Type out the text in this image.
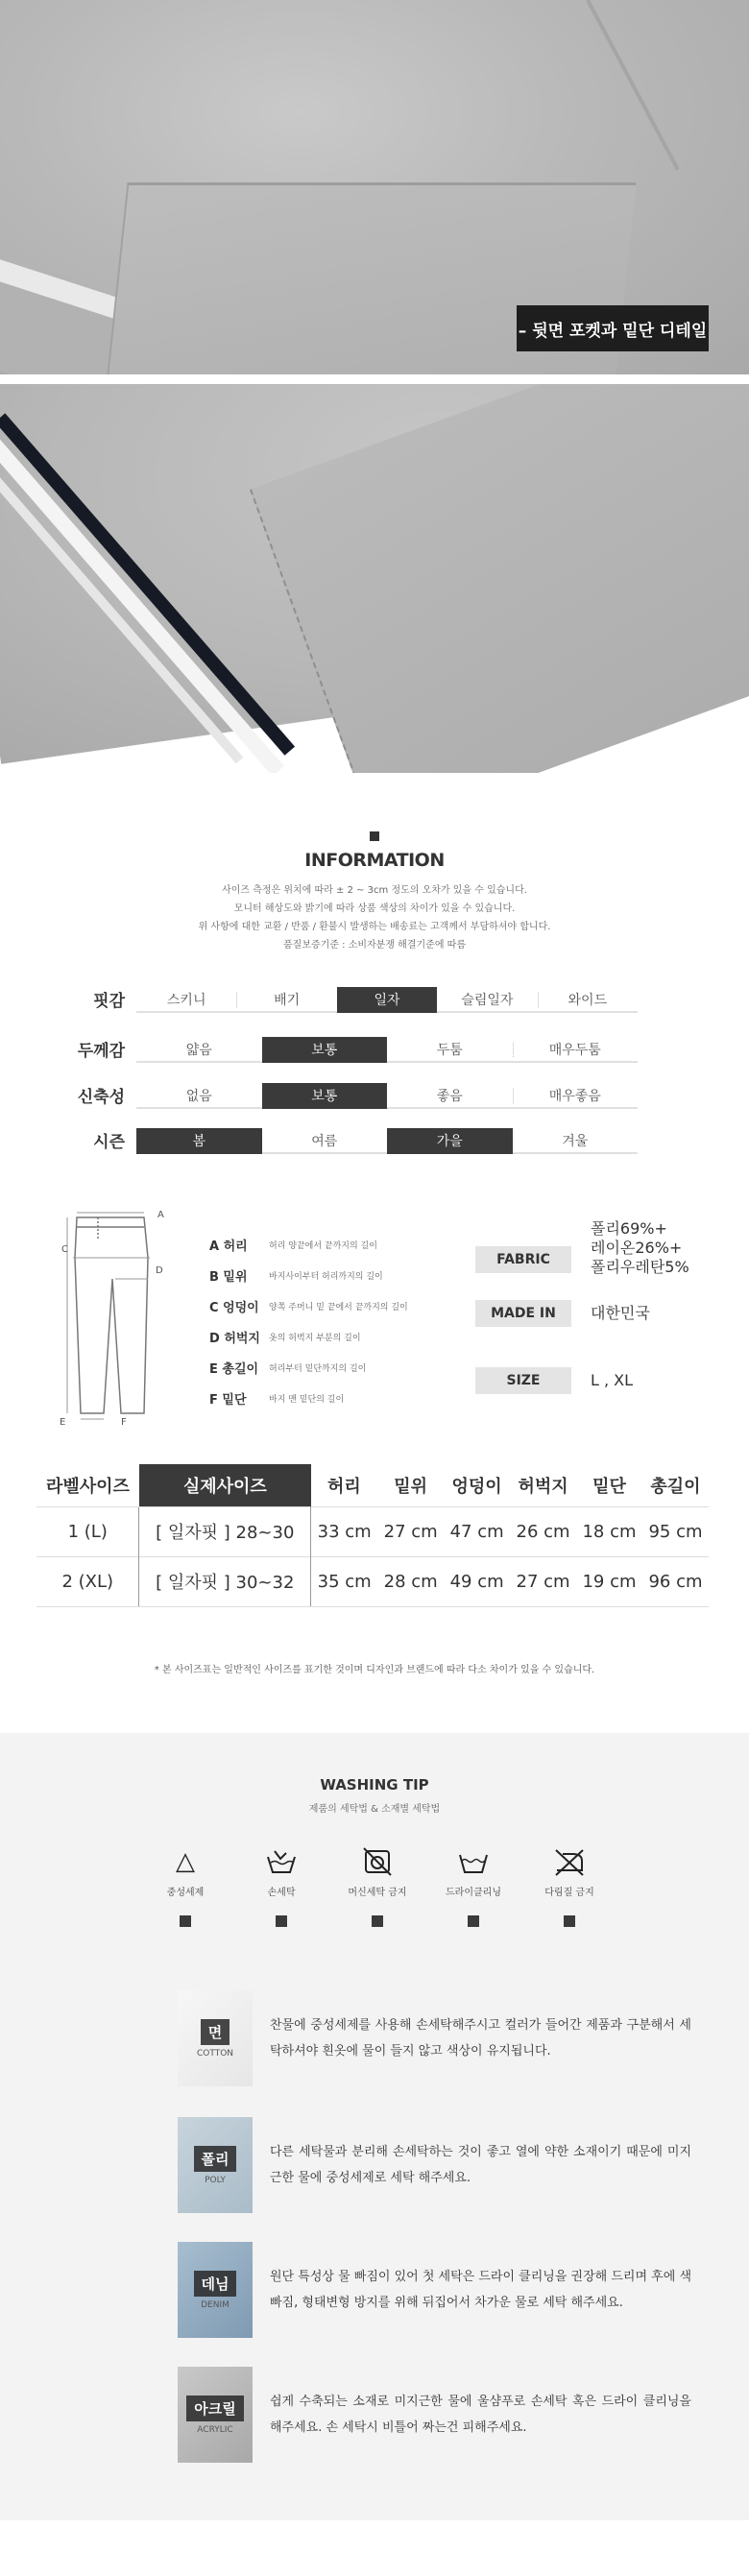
– 뒷면 포켓과 밑단 디테일
INFORMATION
사이즈 측정은 위치에 따라 ± 2 ~ 3cm 정도의 오차가 있을 수 있습니다.
모니터 해상도와 밝기에 따라 상품 색상의 차이가 있을 수 있습니다.
위 사항에 대한 교환 / 반품 / 환불시 발생하는 배송료는 고객께서 부담하셔야 합니다.
품질보증기준 : 소비자분쟁 해결기준에 따름
핏감	스키니	배기	일자	슬림일자	와이드
두께감	얇음	보통	두툼	매우두툼
신축성	없음	보통	좋음	매우좋음
시즌	봄	여름	가을	겨울
A
C
D
E	F
A 허리	허리 양끝에서 끝까지의 길이
B 밑위	바지사이부터 허리까지의 길이
C 엉덩이	양쪽 주머니 밑 끝에서 끝까지의 길이
D 허벅지	옷의 허벅지 부분의 길이
E 총길이	허리부터 밑단까지의 길이
F 밑단	바지 맨 밑단의 길이
FABRIC
폴리69%+
레이온26%+
폴리우레탄5%
MADE IN	대한민국
SIZE	L , XL
라벨사이즈	실제사이즈	허리	밑위	엉덩이	허벅지	밑단	총길이
1 (L)	[ 일자핏 ] 28~30	33 cm	27 cm	47 cm	26 cm	18 cm	95 cm
2 (XL)	[ 일자핏 ] 30~32	35 cm	28 cm	49 cm	27 cm	19 cm	96 cm
* 본 사이즈표는 일반적인 사이즈를 표기한 것이며 디자인과 브랜드에 따라 다소 차이가 있을 수 있습니다.
WASHING TIP
제품의 세탁법 & 소재별 세탁법
△
중성세제	손세탁	머신세탁 금지	드라이클리닝	다림질 금지
면
COTTON
찬물에 중성세제를 사용해 손세탁해주시고 컬러가 들어간 제품과 구분해서 세탁하셔야 흰옷에 물이 들지 않고 색상이 유지됩니다.
폴리
POLY
다른 세탁물과 분리해 손세탁하는 것이 좋고 열에 약한 소재이기 때문에 미지근한 물에 중성세제로 세탁 해주세요.
데님
DENIM
원단 특성상 물 빠짐이 있어 첫 세탁은 드라이 클리닝을 권장해 드리며 후에 색빠짐, 형태변형 방지를 위해 뒤집어서 차가운 물로 세탁 해주세요.
아크릴
ACRYLIC
쉽게 수축되는 소재로 미지근한 물에 울샴푸로 손세탁 혹은 드라이 클리닝을 해주세요. 손 세탁시 비틀어 짜는건 피해주세요.
